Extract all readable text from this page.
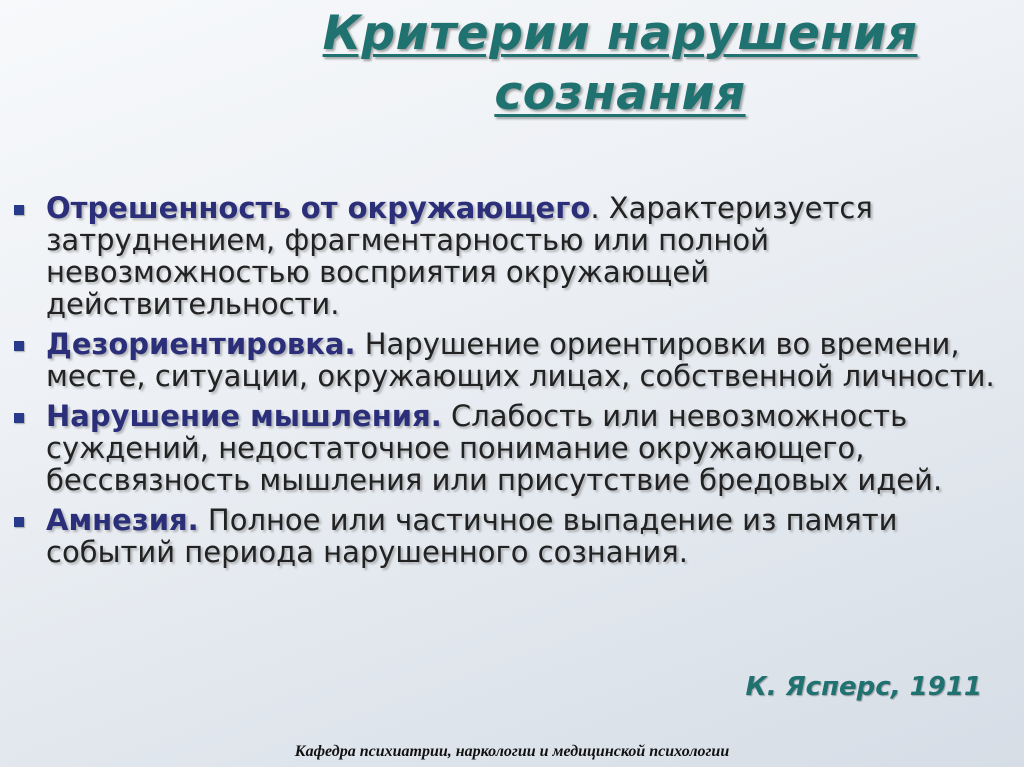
Критерии нарушения
сознания
Отрешенность от окружающего. Характеризуется затруднением, фрагментарностью или полной невозможностью восприятия окружающей действительности.
Дезориентировка. Нарушение ориентировки во времени, месте, ситуации, окружающих лицах, собственной личности.
Нарушение мышления. Слабость или невозможность суждений, недостаточное понимание окружающего, бессвязность мышления или присутствие бредовых идей.
Амнезия. Полное или частичное выпадение из памяти событий периода нарушенного сознания.
К. Ясперс, 1911
Кафедра психиатрии, наркологии и медицинской психологии
